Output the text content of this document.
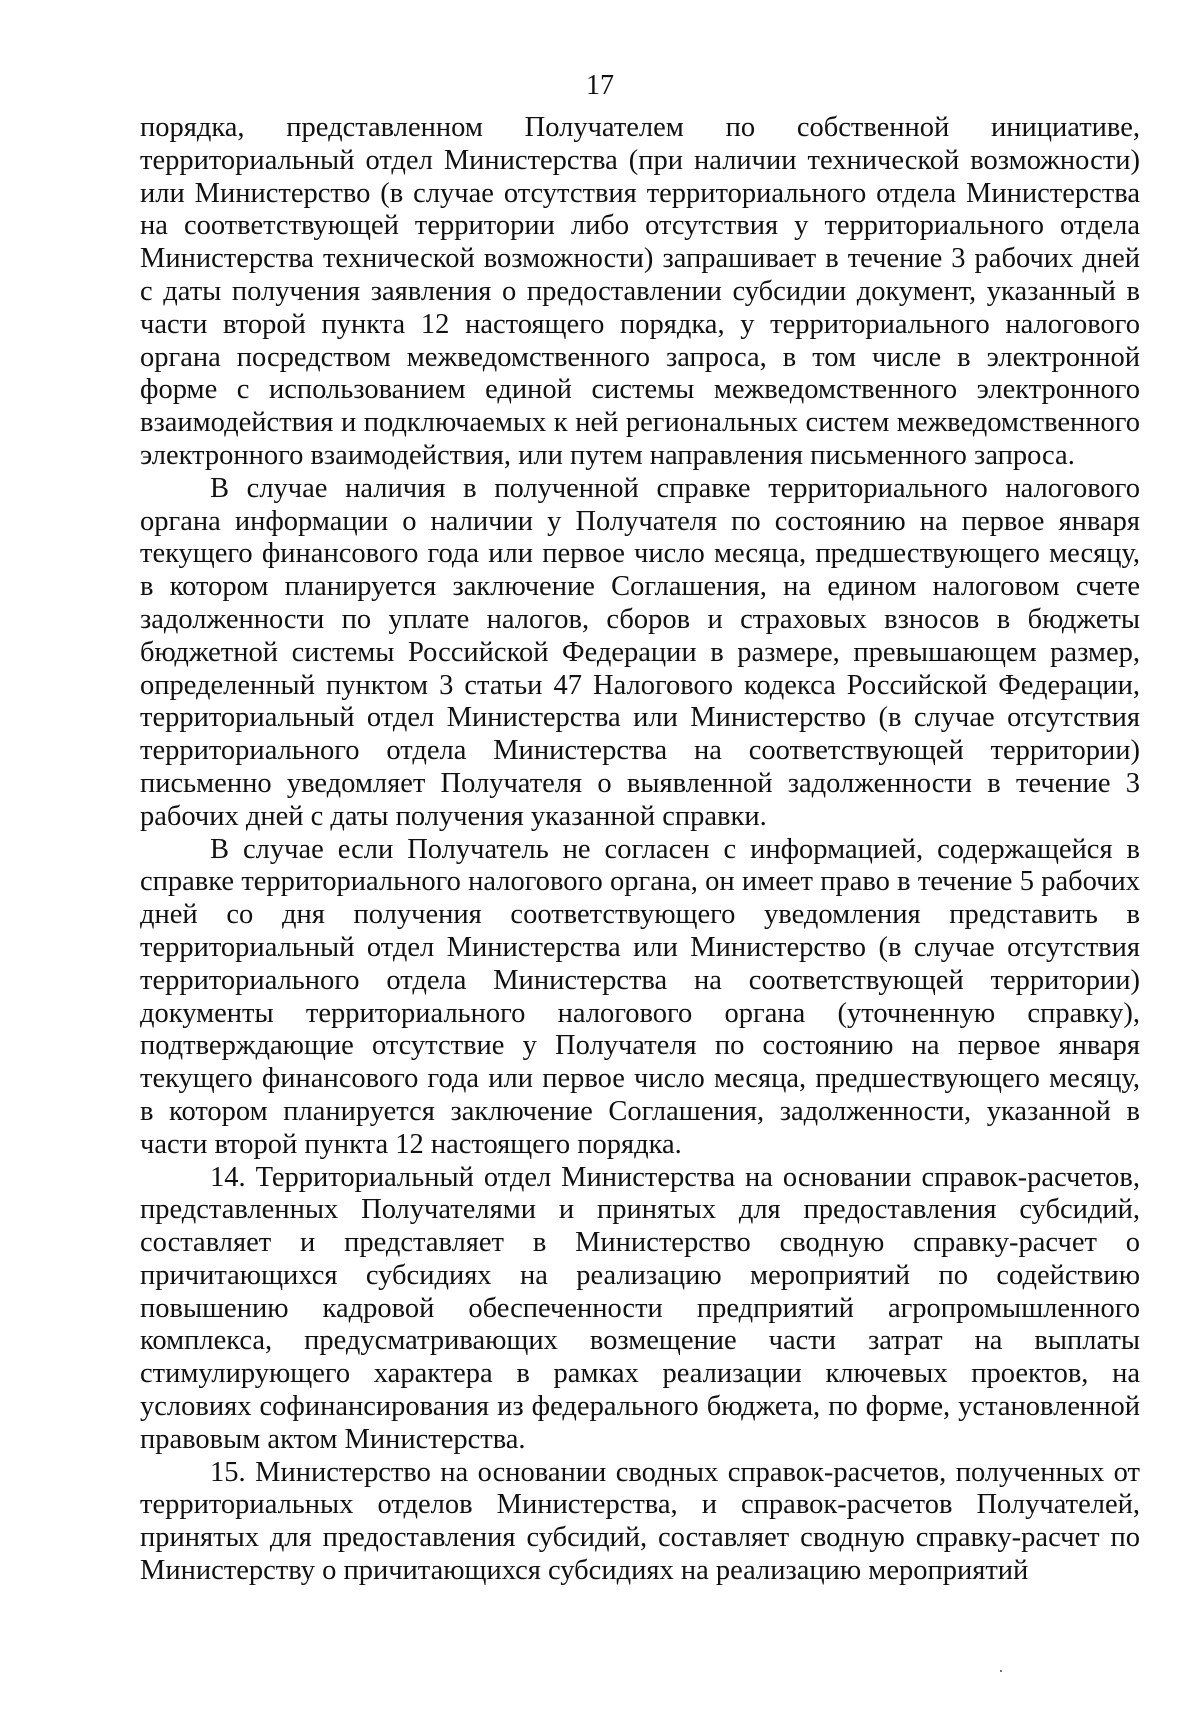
17

порядка, представленном Получателем по собственной инициативе, территориальный отдел Министерства (при наличии технической возможности) или Министерство (в случае отсутствия территориального отдела Министерства на соответствующей территории либо отсутствия у территориального отдела Министерства технической возможности) запрашивает в течение 3 рабочих дней с даты получения заявления о предоставлении субсидии документ, указанный в части второй пункта 12 настоящего порядка, у территориального налогового органа посредством межведомственного запроса, в том числе в электронной форме с использованием единой системы межведомственного электронного взаимодействия и подключаемых к ней региональных систем межведомственного электронного взаимодействия, или путем направления письменного запроса.

В случае наличия в полученной справке территориального налогового органа информации о наличии у Получателя по состоянию на первое января текущего финансового года или первое число месяца, предшествующего месяцу, в котором планируется заключение Соглашения, на едином налоговом счете задолженности по уплате налогов, сборов и страховых взносов в бюджеты бюджетной системы Российской Федерации в размере, превышающем размер, определенный пунктом 3 статьи 47 Налогового кодекса Российской Федерации, территориальный отдел Министерства или Министерство (в случае отсутствия территориального отдела Министерства на соответствующей территории) письменно уведомляет Получателя о выявленной задолженности в течение 3 рабочих дней с даты получения указанной справки.

В случае если Получатель не согласен с информацией, содержащейся в справке территориального налогового органа, он имеет право в течение 5 рабочих дней со дня получения соответствующего уведомления представить в территориальный отдел Министерства или Министерство (в случае отсутствия территориального отдела Министерства на соответствующей территории) документы территориального налогового органа (уточненную справку), подтверждающие отсутствие у Получателя по состоянию на первое января текущего финансового года или первое число месяца, предшествующего месяцу, в котором планируется заключение Соглашения, задолженности, указанной в части второй пункта 12 настоящего порядка.

14. Территориальный отдел Министерства на основании справок-расчетов, представленных Получателями и принятых для предоставления субсидий, составляет и представляет в Министерство сводную справку-расчет о причитающихся субсидиях на реализацию мероприятий по содействию повышению кадровой обеспеченности предприятий агропромышленного комплекса, предусматривающих возмещение части затрат на выплаты стимулирующего характера в рамках реализации ключевых проектов, на условиях софинансирования из федерального бюджета, по форме, установленной правовым актом Министерства.

15. Министерство на основании сводных справок-расчетов, полученных от территориальных отделов Министерства, и справок-расчетов Получателей, принятых для предоставления субсидий, составляет сводную справку-расчет по Министерству о причитающихся субсидиях на реализацию мероприятий
